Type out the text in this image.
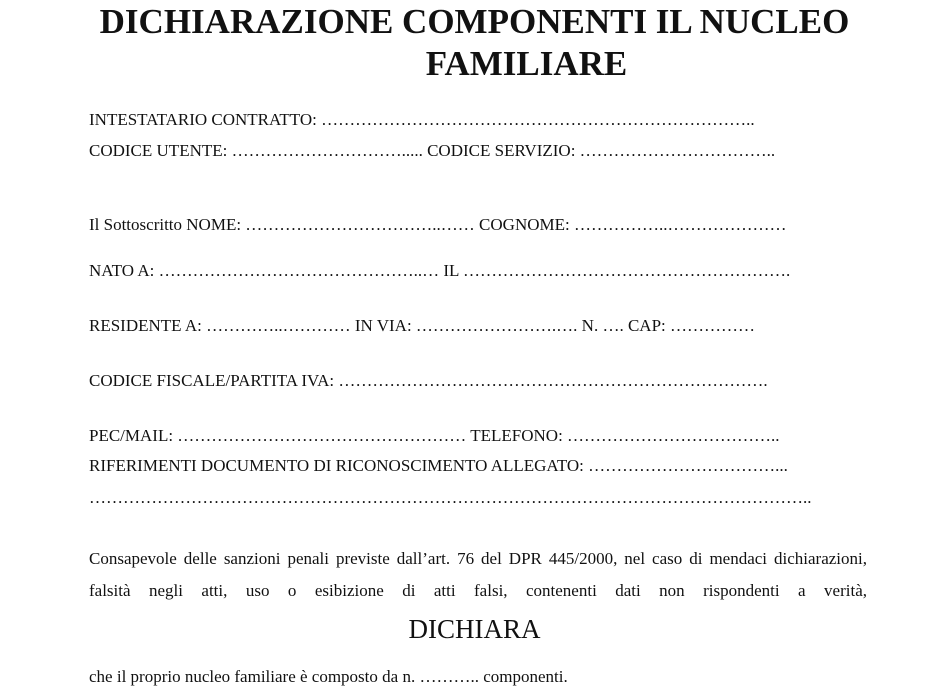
DICHIARAZIONE COMPONENTI IL NUCLEO
FAMILIARE
INTESTATARIO CONTRATTO: …………………………………………………………………..
CODICE UTENTE: …………………………..... CODICE SERVIZIO: ……………………………..
Il Sottoscritto NOME: ……………………………..…… COGNOME: ……………..…………………
NATO A: ………………………………………..… IL ………………………………………………….
RESIDENTE A: …………..………… IN VIA: …………………….…. N. …. CAP: ……………
CODICE FISCALE/PARTITA IVA: ………………………………………………………………….
PEC/MAIL: …………………………………………… TELEFONO: ………………………………..
RIFERIMENTI DOCUMENTO DI RICONOSCIMENTO ALLEGATO: ……………………………...
………………………………………………………………………………………………………………..
Consapevole delle sanzioni penali previste dall’art. 76 del DPR 445/2000, nel caso di mendaci dichiarazioni, falsità negli atti, uso o esibizione di atti falsi, contenenti dati non rispondenti a verità,
DICHIARA
che il proprio nucleo familiare è composto da n. ……….. componenti.
